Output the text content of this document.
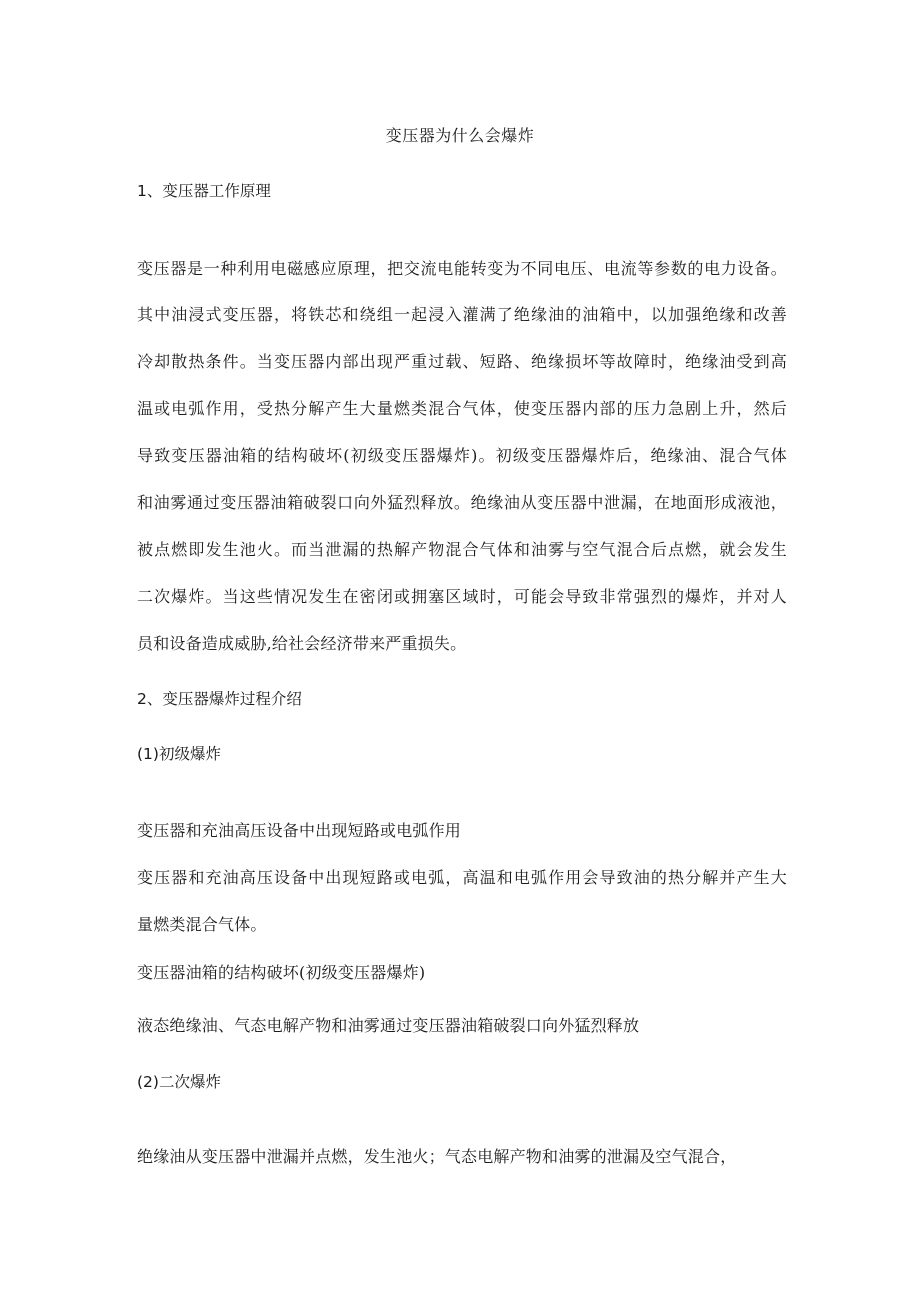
变压器为什么会爆炸
1、变压器工作原理
变压器是一种利用电磁感应原理，把交流电能转变为不同电压、电流等参数的电力设备。
其中油浸式变压器，将铁芯和绕组一起浸入灌满了绝缘油的油箱中，以加强绝缘和改善
冷却散热条件。当变压器内部出现严重过载、短路、绝缘损坏等故障时，绝缘油受到高
温或电弧作用，受热分解产生大量燃类混合气体，使变压器内部的压力急剧上升，然后
导致变压器油箱的结构破坏(初级变压器爆炸)。初级变压器爆炸后，绝缘油、混合气体
和油雾通过变压器油箱破裂口向外猛烈释放。绝缘油从变压器中泄漏，在地面形成液池，
被点燃即发生池火。而当泄漏的热解产物混合气体和油雾与空气混合后点燃，就会发生
二次爆炸。当这些情况发生在密闭或拥塞区域时，可能会导致非常强烈的爆炸，并对人
员和设备造成威胁,给社会经济带来严重损失。
2、变压器爆炸过程介绍
(1)初级爆炸
变压器和充油高压设备中出现短路或电弧作用
变压器和充油高压设备中出现短路或电弧，高温和电弧作用会导致油的热分解并产生大
量燃类混合气体。
变压器油箱的结构破坏(初级变压器爆炸)
液态绝缘油、气态电解产物和油雾通过变压器油箱破裂口向外猛烈释放
(2)二次爆炸
绝缘油从变压器中泄漏并点燃，发生池火；气态电解产物和油雾的泄漏及空气混合，
